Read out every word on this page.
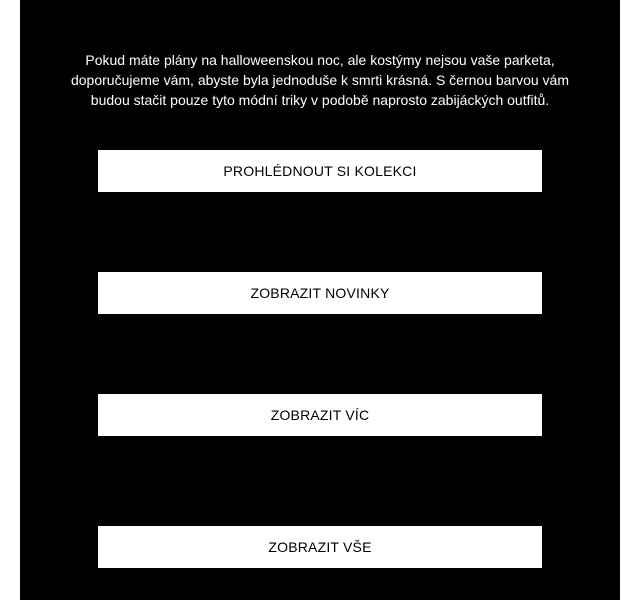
Pokud máte plány na halloweenskou noc, ale kostýmy nejsou vaše parketa, doporučujeme vám, abyste byla jednoduše k smrti krásná. S černou barvou vám budou stačit pouze tyto módní triky v podobě naprosto zabijáckých outfitů.

PROHLÉDNOUT SI KOLEKCI
ZOBRAZIT NOVINKY
ZOBRAZIT VÍC
ZOBRAZIT VŠE
